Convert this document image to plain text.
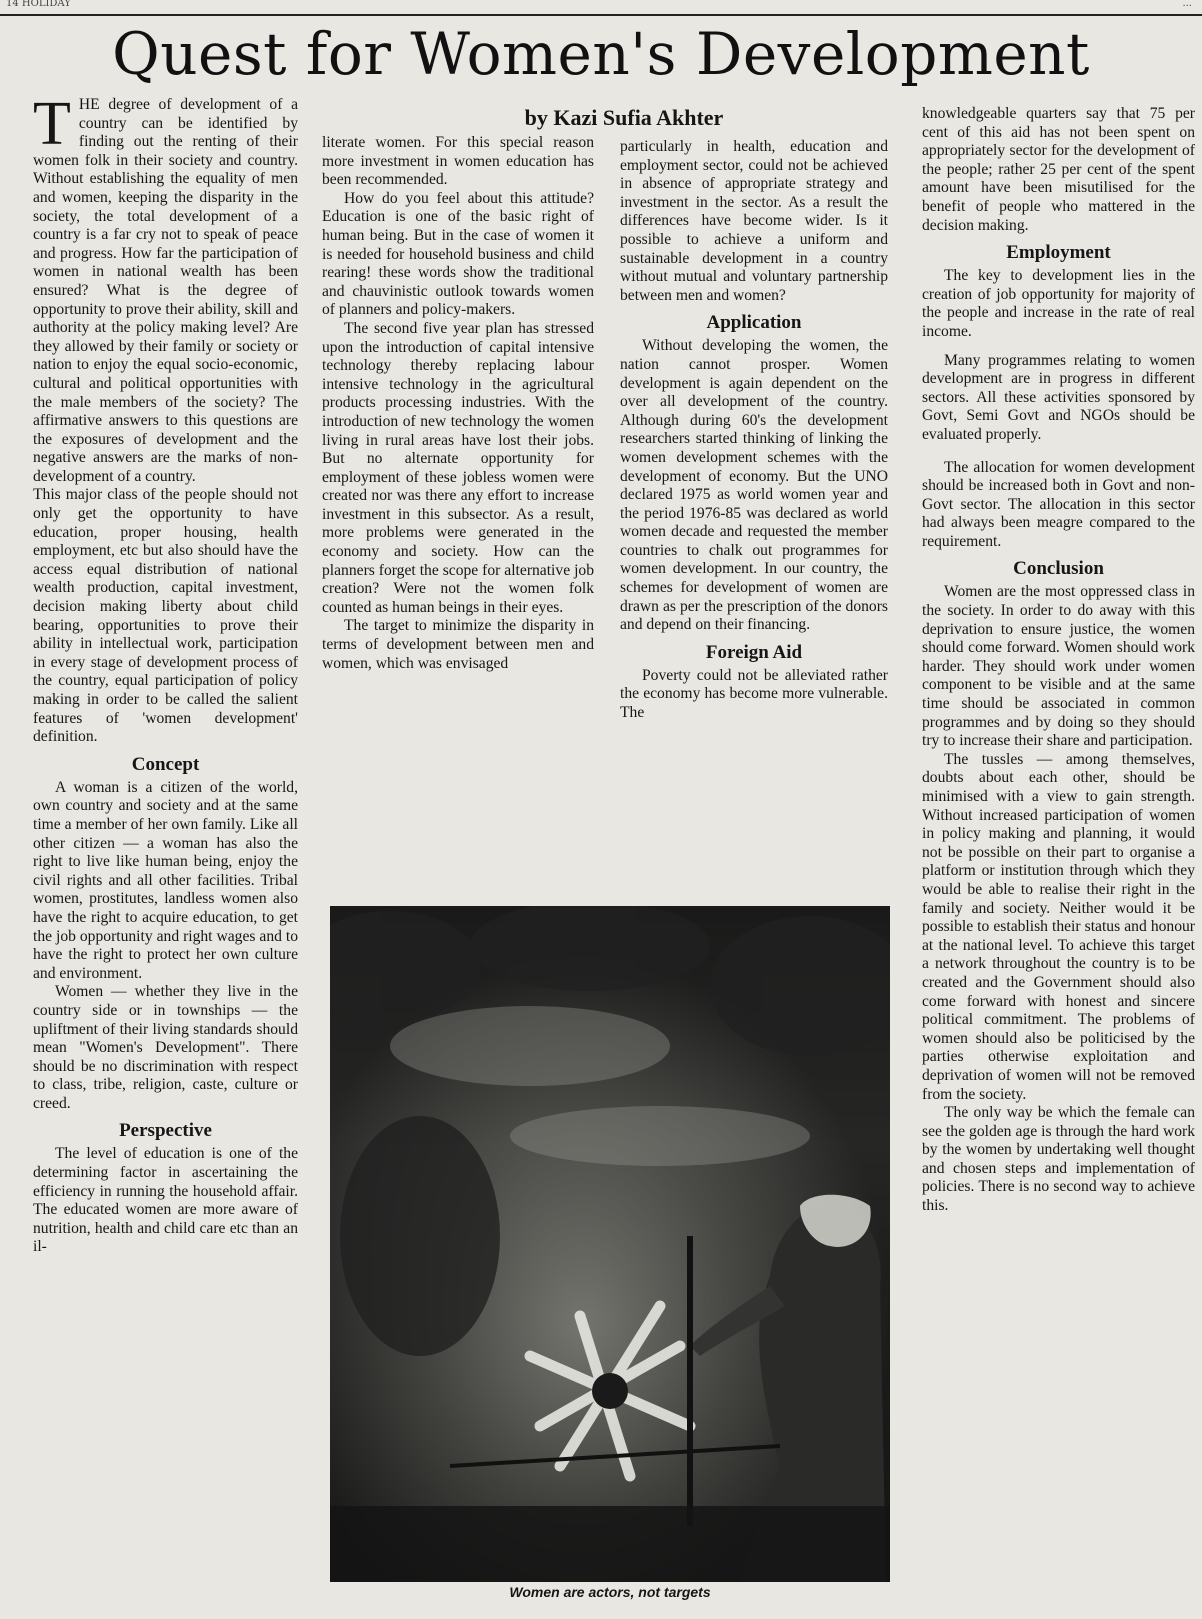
14 HOLIDAY	...
Quest for Women's Development
by Kazi Sufia Akhter

THE degree of development of a country can be identified by finding out the renting of their women folk in their society and country. Without establishing the equality of men and women, keeping the disparity in the society, the total development of a country is a far cry not to speak of peace and progress. How far the participation of women in national wealth has been ensured? What is the degree of opportunity to prove their ability, skill and authority at the policy making level? Are they allowed by their family or society or nation to enjoy the equal socio-economic, cultural and political opportunities with the male members of the society? The affirmative answers to this questions are the exposures of development and the negative answers are the marks of non-development of a country.

This major class of the people should not only get the opportunity to have education, proper housing, health employment, etc but also should have the access equal distribution of national wealth production, capital investment, decision making liberty about child bearing, opportunities to prove their ability in intellectual work, participation in every stage of development process of the country, equal participation of policy making in order to be called the salient features of 'women development' definition.

Concept

A woman is a citizen of the world, own country and society and at the same time a member of her own family. Like all other citizen — a woman has also the right to live like human being, enjoy the civil rights and all other facilities. Tribal women, prostitutes, landless women also have the right to acquire education, to get the job opportunity and right wages and to have the right to protect her own culture and environment.

Women — whether they live in the country side or in townships — the upliftment of their living standards should mean "Women's Development". There should be no discrimination with respect to class, tribe, religion, caste, culture or creed.

Perspective

The level of education is one of the determining factor in ascertaining the efficiency in running the household affair. The educated women are more aware of nutrition, health and child care etc than an il-

literate women. For this special reason more investment in women education has been recommended.

How do you feel about this attitude? Education is one of the basic right of human being. But in the case of women it is needed for household business and child rearing! these words show the traditional and chauvinistic outlook towards women of planners and policy-makers.

The second five year plan has stressed upon the introduction of capital intensive technology thereby replacing labour intensive technology in the agricultural products processing industries. With the introduction of new technology the women living in rural areas have lost their jobs. But no alternate opportunity for employment of these jobless women were created nor was there any effort to increase investment in this subsector. As a result, more problems were generated in the economy and society. How can the planners forget the scope for alternative job creation? Were not the women folk counted as human beings in their eyes.

The target to minimize the disparity in terms of development between men and women, which was envisaged

particularly in health, education and employment sector, could not be achieved in absence of appropriate strategy and investment in the sector. As a result the differences have become wider. Is it possible to achieve a uniform and sustainable development in a country without mutual and voluntary partnership between men and women?

Application

Without developing the women, the nation cannot prosper. Women development is again dependent on the over all development of the country. Although during 60's the development researchers started thinking of linking the women development schemes with the development of economy. But the UNO declared 1975 as world women year and the period 1976-85 was declared as world women decade and requested the member countries to chalk out programmes for women development. In our country, the schemes for development of women are drawn as per the prescription of the donors and depend on their financing.

Foreign Aid

Poverty could not be alleviated rather the economy has become more vulnerable. The

knowledgeable quarters say that 75 per cent of this aid has not been spent on appropriately sector for the development of the people; rather 25 per cent of the spent amount have been misutilised for the benefit of people who mattered in the decision making.

Employment

The key to development lies in the creation of job opportunity for majority of the people and increase in the rate of real income.

Many programmes relating to women development are in progress in different sectors. All these activities sponsored by Govt, Semi Govt and NGOs should be evaluated properly.

The allocation for women development should be increased both in Govt and non-Govt sector. The allocation in this sector had always been meagre compared to the requirement.

Conclusion

Women are the most oppressed class in the society. In order to do away with this deprivation to ensure justice, the women should come forward. Women should work harder. They should work under women component to be visible and at the same time should be associated in common programmes and by doing so they should try to increase their share and participation.

The tussles — among themselves, doubts about each other, should be minimised with a view to gain strength. Without increased participation of women in policy making and planning, it would not be possible on their part to organise a platform or institution through which they would be able to realise their right in the family and society. Neither would it be possible to establish their status and honour at the national level. To achieve this target a network throughout the country is to be created and the Government should also come forward with honest and sincere political commitment. The problems of women should also be politicised by the parties otherwise exploitation and deprivation of women will not be removed from the society.

The only way be which the female can see the golden age is through the hard work by the women by undertaking well thought and chosen steps and implementation of policies. There is no second way to achieve this.

Women are actors, not targets
